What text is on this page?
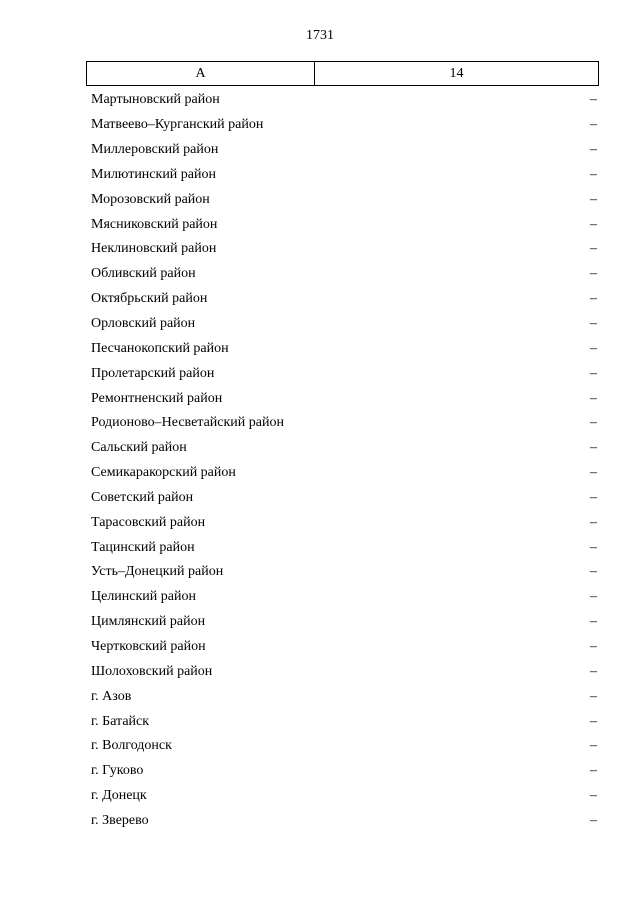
1731
А	14
Мартыновский район	–
Матвеево–Курганский район	–
Миллеровский район	–
Милютинский район	–
Морозовский район	–
Мясниковский район	–
Неклиновский район	–
Обливский район	–
Октябрьский район	–
Орловский район	–
Песчанокопский район	–
Пролетарский район	–
Ремонтненский район	–
Родионово–Несветайский район	–
Сальский район	–
Семикаракорский район	–
Советский район	–
Тарасовский район	–
Тацинский район	–
Усть–Донецкий район	–
Целинский район	–
Цимлянский район	–
Чертковский район	–
Шолоховский район	–
г. Азов	–
г. Батайск	–
г. Волгодонск	–
г. Гуково	–
г. Донецк	–
г. Зверево	–
